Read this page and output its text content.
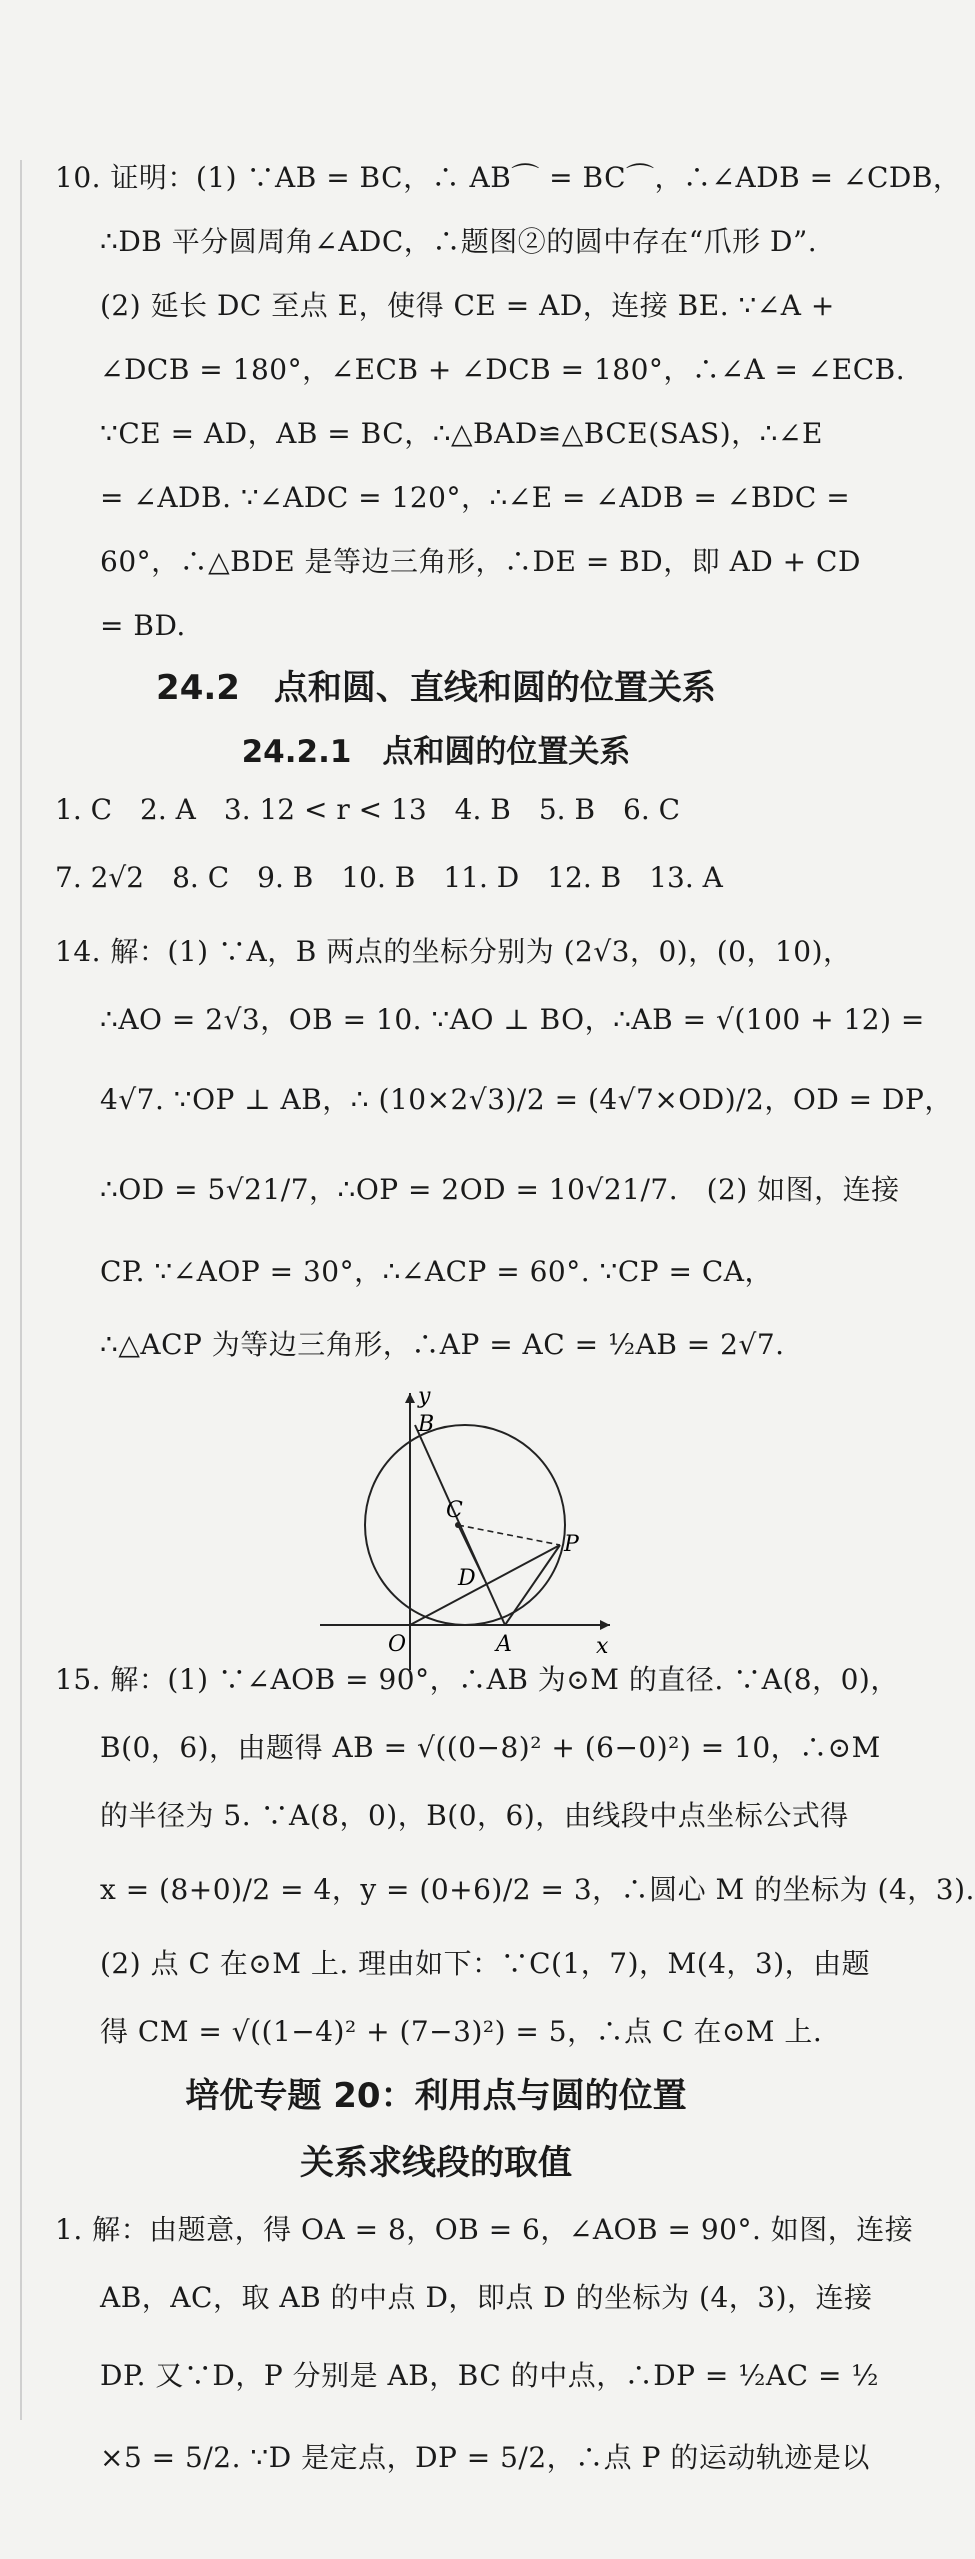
10. 证明：(1) ∵AB = BC，∴ AB⌒ = BC⌒，∴∠ADB = ∠CDB，
∴DB 平分圆周角∠ADC，∴题图②的圆中存在“爪形 D”.
(2) 延长 DC 至点 E，使得 CE = AD，连接 BE. ∵∠A +
∠DCB = 180°，∠ECB + ∠DCB = 180°，∴∠A = ∠ECB.
∵CE = AD，AB = BC，∴△BAD≌△BCE(SAS)，∴∠E
= ∠ADB. ∵∠ADC = 120°，∴∠E = ∠ADB = ∠BDC =
60°，∴△BDE 是等边三角形，∴DE = BD，即 AD + CD
= BD.
24.2　点和圆、直线和圆的位置关系
24.2.1　点和圆的位置关系
1. C　2. A　3. 12 < r < 13　4. B　5. B　6. C
7. 2√2　8. C　9. B　10. B　11. D　12. B　13. A
14. 解：(1) ∵A，B 两点的坐标分别为 (2√3，0)，(0，10)，
∴AO = 2√3，OB = 10. ∵AO ⊥ BO，∴AB = √(100 + 12) =
4√7. ∵OP ⊥ AB，∴ (10×2√3)/2 = (4√7×OD)/2，OD = DP，
∴OD = 5√21/7，∴OP = 2OD = 10√21/7.　(2) 如图，连接
CP. ∵∠AOP = 30°，∴∠ACP = 60°. ∵CP = CA，
∴△ACP 为等边三角形，∴AP = AC = ½AB = 2√7.
y
x
B
C
D
P
O	A
15. 解：(1) ∵∠AOB = 90°，∴AB 为⊙M 的直径. ∵A(8，0)，
B(0，6)，由题得 AB = √((0−8)² + (6−0)²) = 10，∴⊙M
的半径为 5. ∵A(8，0)，B(0，6)，由线段中点坐标公式得
x = (8+0)/2 = 4，y = (0+6)/2 = 3，∴圆心 M 的坐标为 (4，3).
(2) 点 C 在⊙M 上. 理由如下：∵C(1，7)，M(4，3)，由题
得 CM = √((1−4)² + (7−3)²) = 5，∴点 C 在⊙M 上.
培优专题 20：利用点与圆的位置
关系求线段的取值
1. 解：由题意，得 OA = 8，OB = 6，∠AOB = 90°. 如图，连接
AB，AC，取 AB 的中点 D，即点 D 的坐标为 (4，3)，连接
DP. 又∵D，P 分别是 AB，BC 的中点，∴DP = ½AC = ½
×5 = 5/2. ∵D 是定点，DP = 5/2，∴点 P 的运动轨迹是以
